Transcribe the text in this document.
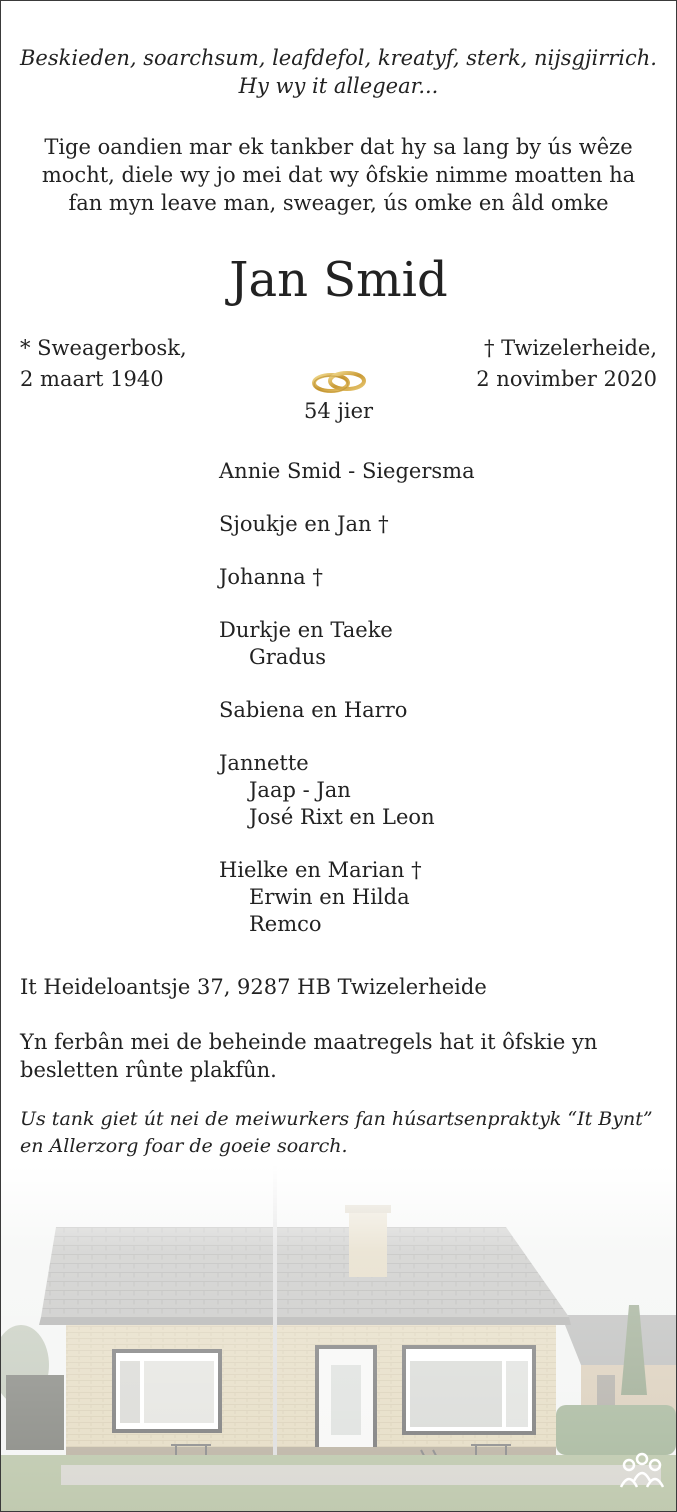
Beskieden, soarchsum, leafdefol, kreatyf, sterk, nijsgjirrich.
Hy wy it allegear...
Tige oandien mar ek tankber dat hy sa lang by ús wêze
mocht, diele wy jo mei dat wy ôfskie nimme moatten ha
fan myn leave man, sweager, ús omke en âld omke
Jan Smid
* Sweagerbosk,
2 maart 1940
† Twizelerheide,
2 novimber 2020
54 jier
Annie Smid - Siegersma
Sjoukje en Jan †
Johanna †
Durkje en Taeke
Gradus
Sabiena en Harro
Jannette
Jaap - Jan
José Rixt en Leon
Hielke en Marian †
Erwin en Hilda
Remco
It Heideloantsje 37, 9287 HB Twizelerheide
Yn ferbân mei de beheinde maatregels hat it ôfskie yn
besletten rûnte plakfûn.
Us tank giet út nei de meiwurkers fan húsartsenpraktyk “It Bynt”
en Allerzorg foar de goeie soarch.
